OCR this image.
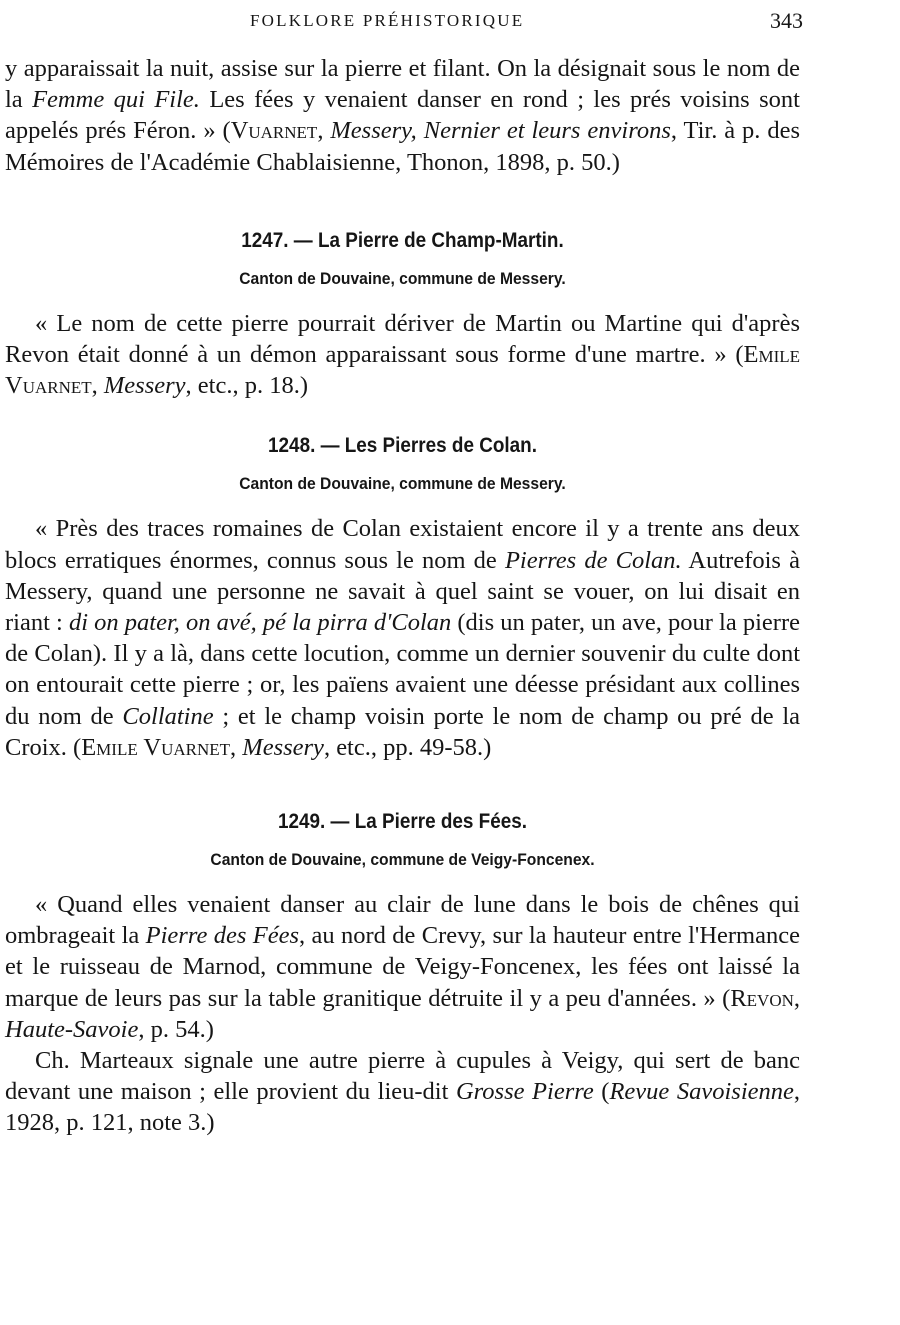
FOLKLORE PRÉHISTORIQUE	343

y apparaissait la nuit, assise sur la pierre et filant. On la désignait sous le nom de la Femme qui File. Les fées y venaient danser en rond ; les prés voisins sont appelés prés Féron. » (Vuarnet, Messery, Nernier et leurs environs, Tir. à p. des Mémoires de l'Académie Chablaisienne, Thonon, 1898, p. 50.)

1247. — La Pierre de Champ-Martin.
Canton de Douvaine, commune de Messery.

« Le nom de cette pierre pourrait dériver de Martin ou Martine qui d'après Revon était donné à un démon apparaissant sous forme d'une martre. » (Emile Vuarnet, Messery, etc., p. 18.)

1248. — Les Pierres de Colan.
Canton de Douvaine, commune de Messery.

« Près des traces romaines de Colan existaient encore il y a trente ans deux blocs erratiques énormes, connus sous le nom de Pierres de Colan. Autrefois à Messery, quand une personne ne savait à quel saint se vouer, on lui disait en riant : di on pater, on avé, pé la pirra d'Colan (dis un pater, un ave, pour la pierre de Colan). Il y a là, dans cette locution, comme un dernier souvenir du culte dont on entourait cette pierre ; or, les païens avaient une déesse présidant aux collines du nom de Collatine ; et le champ voisin porte le nom de champ ou pré de la Croix. (Emile Vuarnet, Messery, etc., pp. 49-58.)

1249. — La Pierre des Fées.
Canton de Douvaine, commune de Veigy-Foncenex.

« Quand elles venaient danser au clair de lune dans le bois de chênes qui ombrageait la Pierre des Fées, au nord de Crevy, sur la hauteur entre l'Hermance et le ruisseau de Marnod, commune de Veigy-Foncenex, les fées ont laissé la marque de leurs pas sur la table granitique détruite il y a peu d'années. » (Revon, Haute-Savoie, p. 54.)

Ch. Marteaux signale une autre pierre à cupules à Veigy, qui sert de banc devant une maison ; elle provient du lieu-dit Grosse Pierre (Revue Savoisienne, 1928, p. 121, note 3.)
